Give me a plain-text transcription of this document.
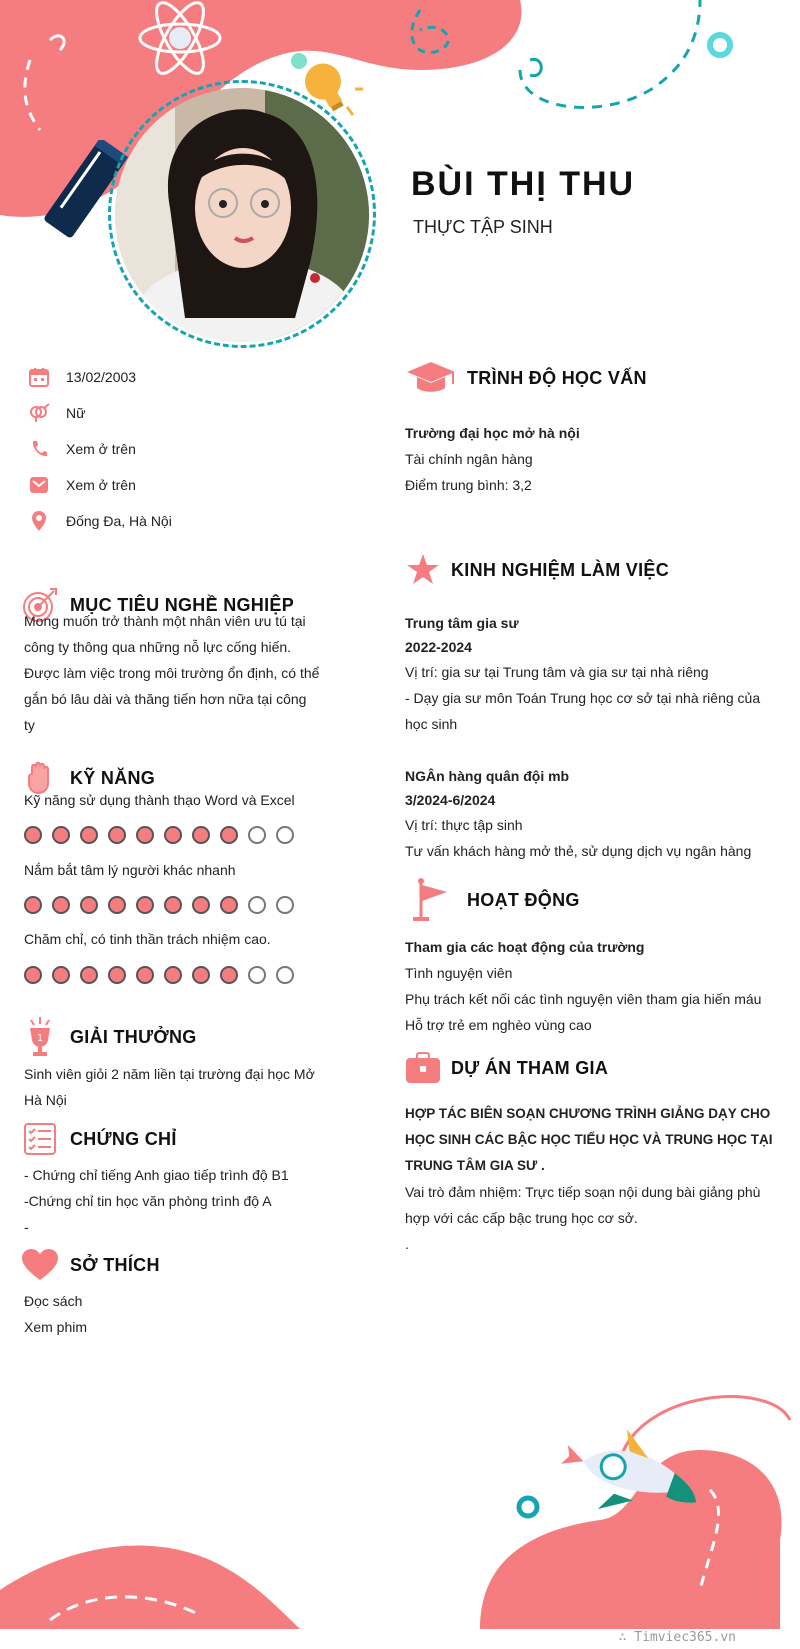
BÙI THỊ THU
THỰC TẬP SINH
13/02/2003
Nữ
Xem ở trên
Xem ở trên
Đống Đa, Hà Nội
MỤC TIÊU NGHỀ NGHIỆP
Mong muốn trở thành một nhân viên ưu tú tại
công ty thông qua những nỗ lực cống hiến.
Được làm việc trong môi trường ổn định, có thể
gắn bó lâu dài và thăng tiến hơn nữa tại công
ty
KỸ NĂNG
Kỹ năng sử dụng thành thạo Word và Excel
Nắm bắt tâm lý người khác nhanh
Chăm chỉ, có tinh thần trách nhiệm cao.
1 GIẢI THƯỞNG
Sinh viên giỏi 2 năm liền tại trường đại học Mở
Hà Nội
CHỨNG CHỈ
- Chứng chỉ tiếng Anh giao tiếp trình độ B1
-Chứng chỉ tin học văn phòng trình độ A
-
SỞ THÍCH
Đọc sách
Xem phim
TRÌNH ĐỘ HỌC VẤN
Trường đại học mở hà nội
Tài chính ngân hàng
Điểm trung bình: 3,2
KINH NGHIỆM LÀM VIỆC
Trung tâm gia sư
2022-2024
Vị trí: gia sư tại Trung tâm và gia sư tại nhà riêng
- Dạy gia sư môn Toán Trung học cơ sở tại nhà riêng của
học sinh
NGÂn hàng quân đội mb
3/2024-6/2024
Vị trí: thực tập sinh
Tư vấn khách hàng mở thẻ, sử dụng dịch vụ ngân hàng
HOẠT ĐỘNG
Tham gia các hoạt động của trường
Tình nguyện viên
Phụ trách kết nối các tình nguyện viên tham gia hiến máu
Hỗ trợ trẻ em nghèo vùng cao
DỰ ÁN THAM GIA
HỢP TÁC BIÊN SOẠN CHƯƠNG TRÌNH GIẢNG DẠY CHO
HỌC SINH CÁC BẬC HỌC TIỂU HỌC VÀ TRUNG HỌC TẠI
TRUNG TÂM GIA SƯ .
Vai trò đảm nhiệm: Trực tiếp soạn nội dung bài giảng phù
hợp với các cấp bậc trung học cơ sở.
.
∴ Timviec365.vn
